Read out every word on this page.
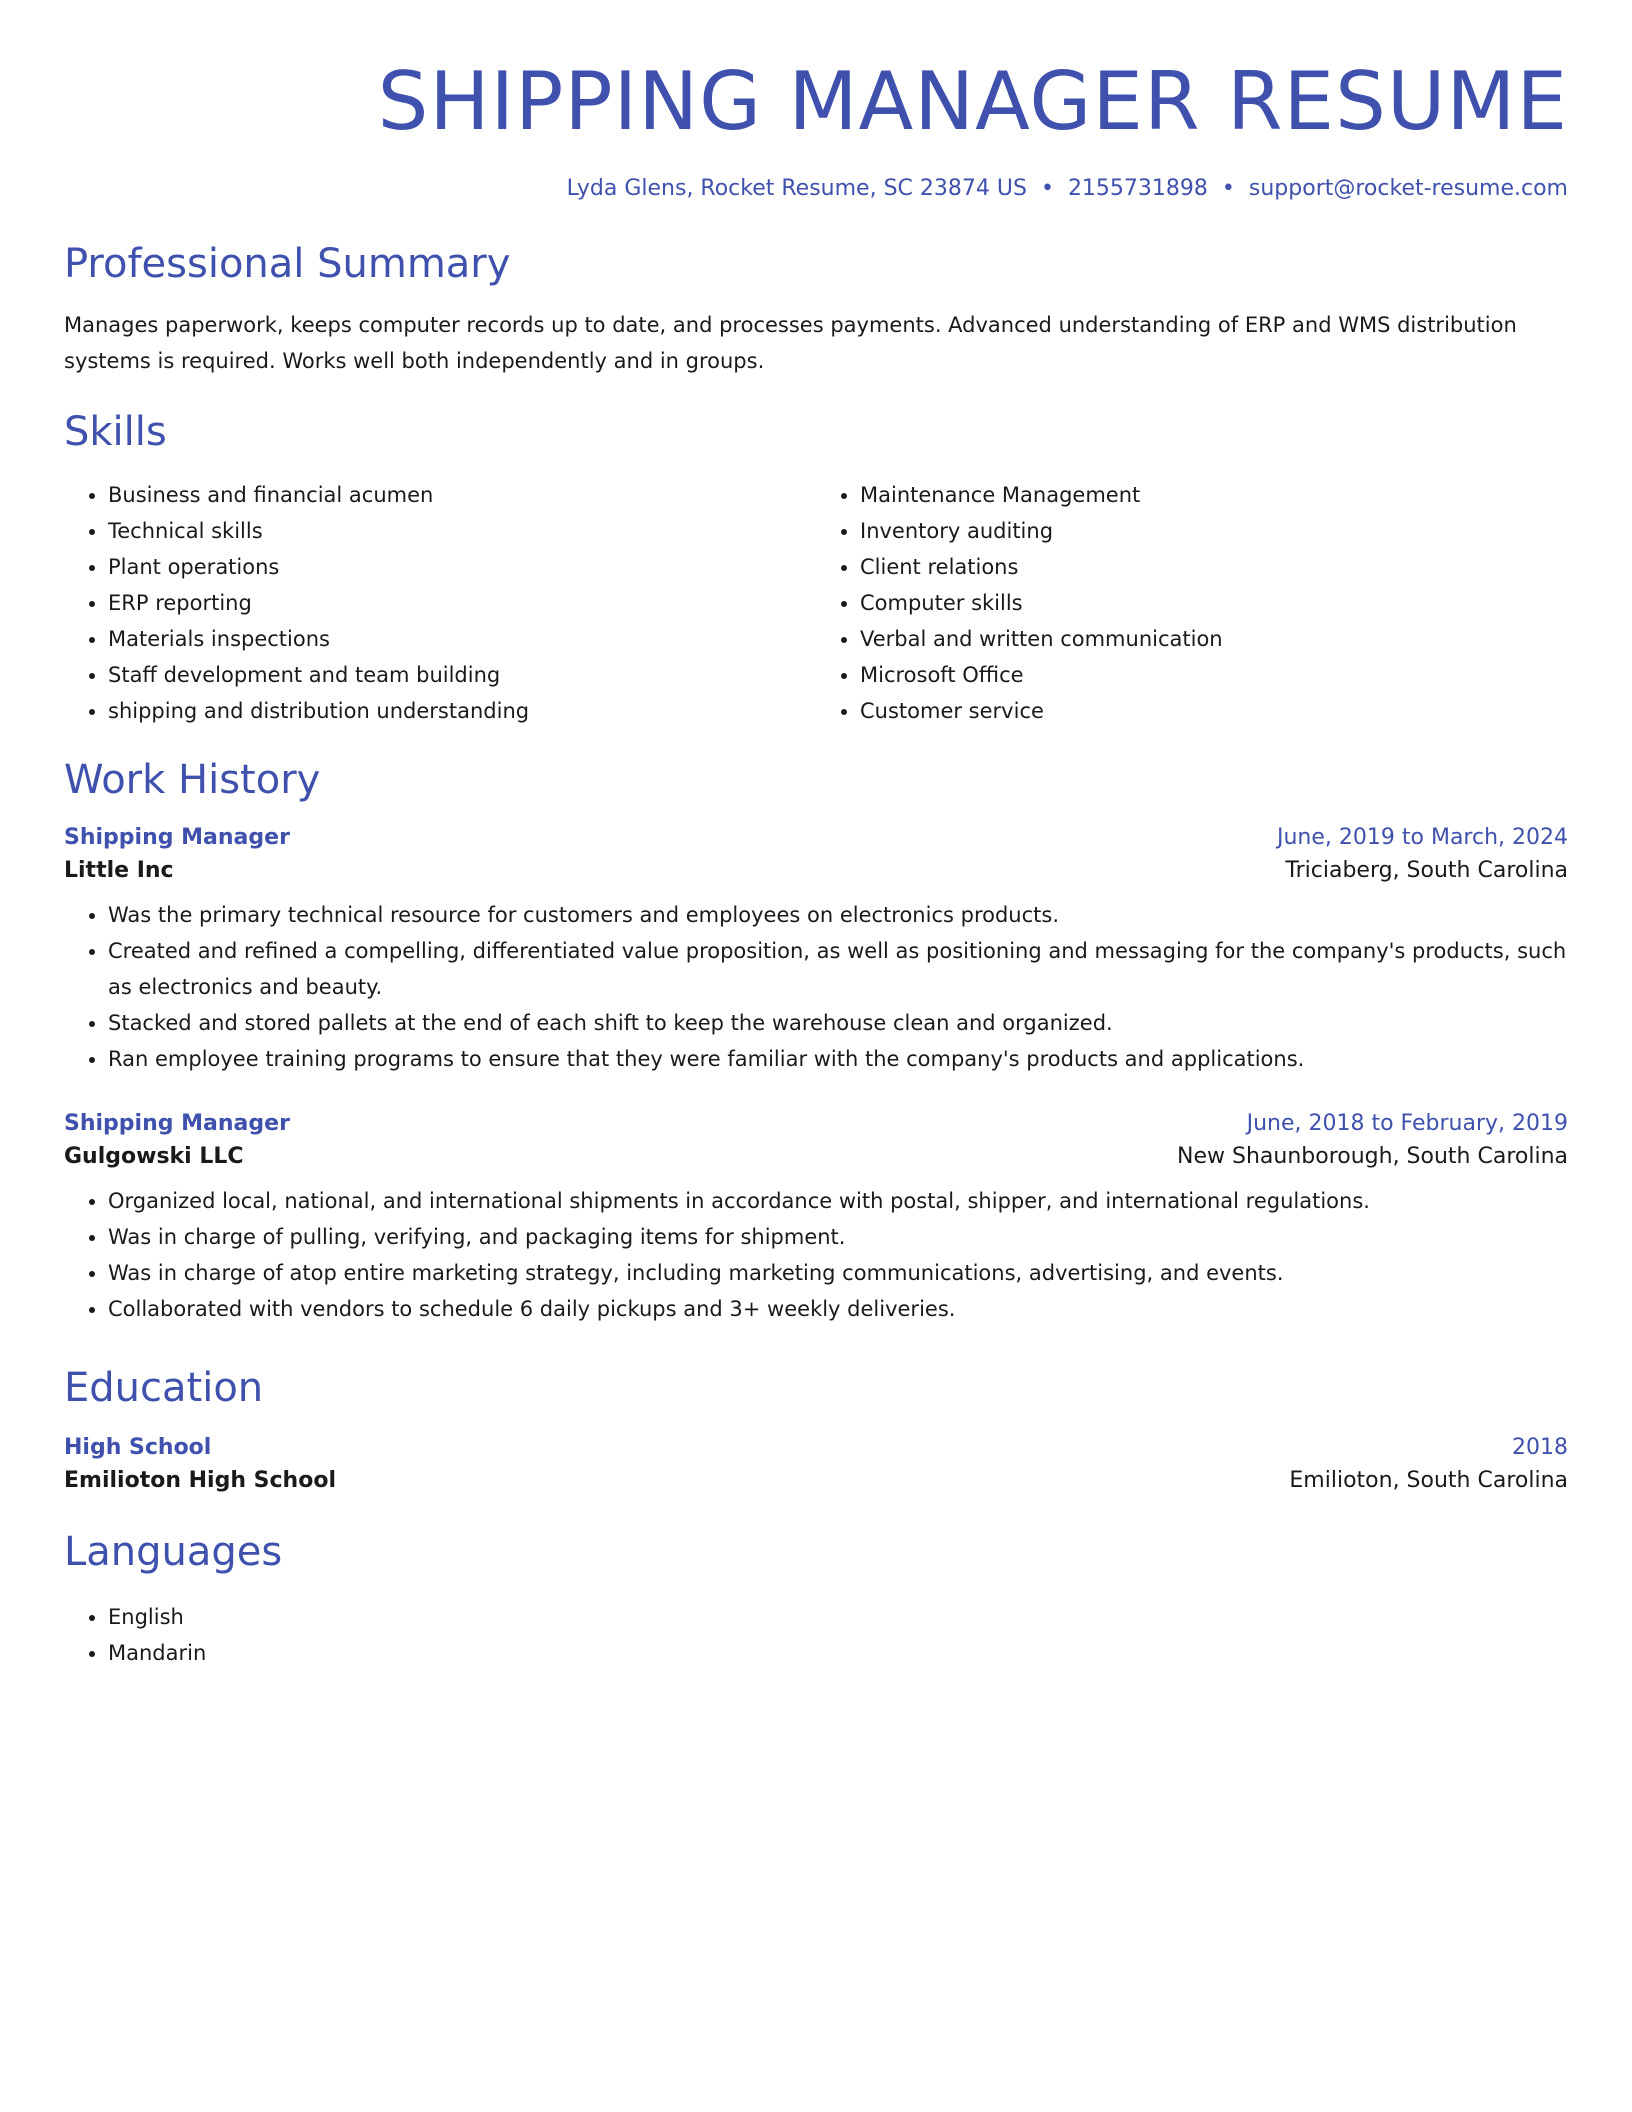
SHIPPING MANAGER RESUME
Lyda Glens, Rocket Resume, SC 23874 US • 2155731898 • support@rocket-resume.com
Professional Summary
Manages paperwork, keeps computer records up to date, and processes payments. Advanced understanding of ERP and WMS distribution systems is required. Works well both independently and in groups.
Skills
• Business and financial acumen
• Technical skills
• Plant operations
• ERP reporting
• Materials inspections
• Staff development and team building
• shipping and distribution understanding
• Maintenance Management
• Inventory auditing
• Client relations
• Computer skills
• Verbal and written communication
• Microsoft Office
• Customer service
Work History
Shipping Manager	June, 2019 to March, 2024
Little Inc	Triciaberg, South Carolina
• Was the primary technical resource for customers and employees on electronics products.
• Created and refined a compelling, differentiated value proposition, as well as positioning and messaging for the company's products, such as electronics and beauty.
• Stacked and stored pallets at the end of each shift to keep the warehouse clean and organized.
• Ran employee training programs to ensure that they were familiar with the company's products and applications.
Shipping Manager	June, 2018 to February, 2019
Gulgowski LLC	New Shaunborough, South Carolina
• Organized local, national, and international shipments in accordance with postal, shipper, and international regulations.
• Was in charge of pulling, verifying, and packaging items for shipment.
• Was in charge of atop entire marketing strategy, including marketing communications, advertising, and events.
• Collaborated with vendors to schedule 6 daily pickups and 3+ weekly deliveries.
Education
High School	2018
Emilioton High School	Emilioton, South Carolina
Languages
• English
• Mandarin
